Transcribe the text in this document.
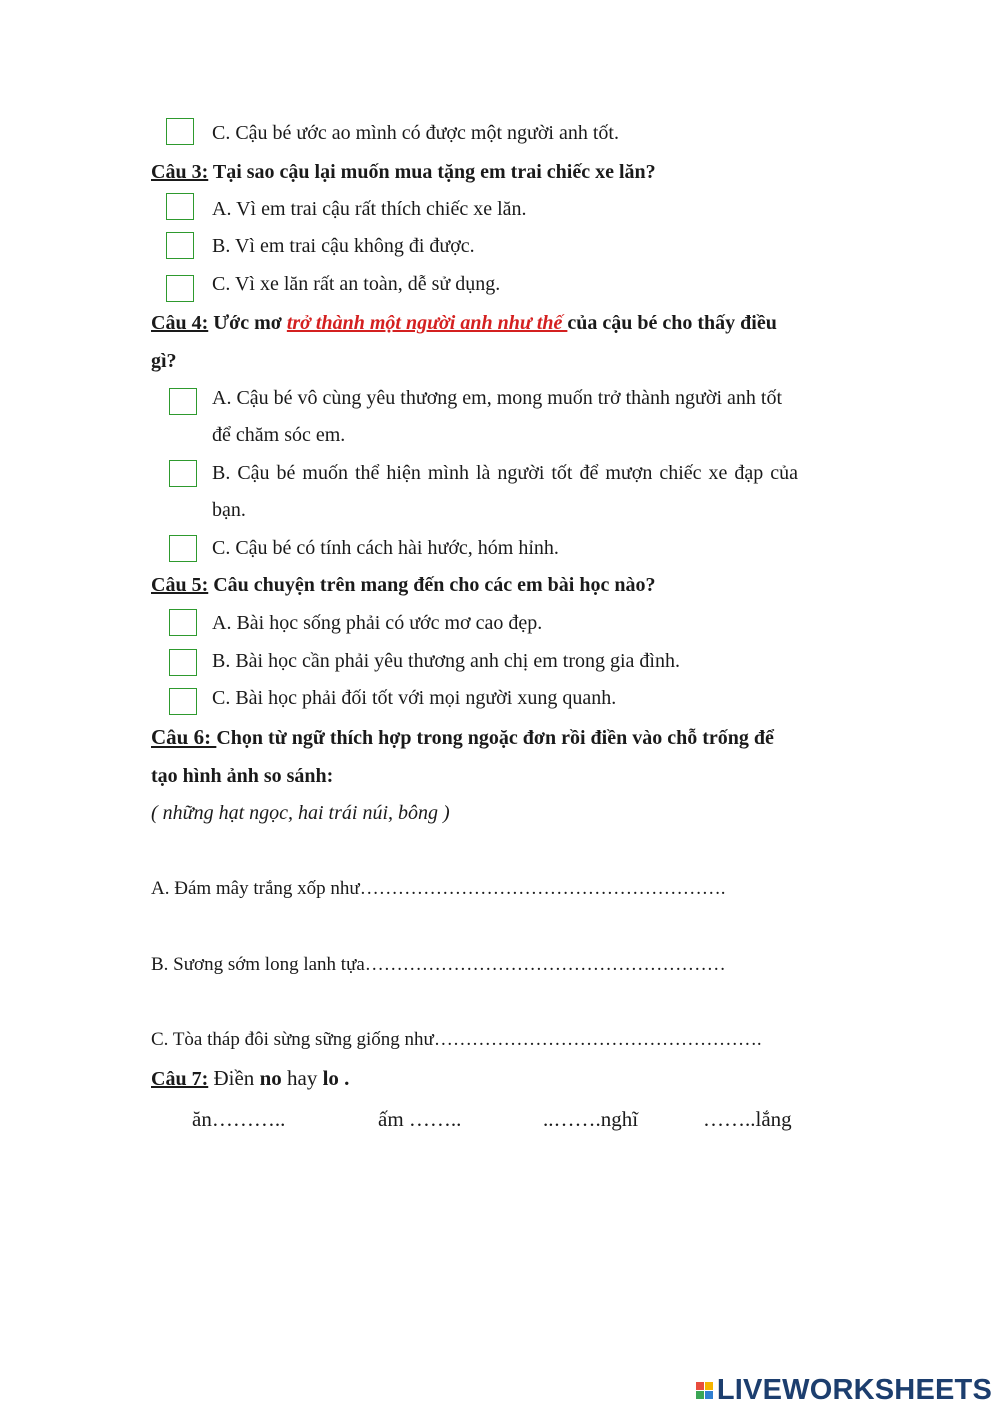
C. Cậu bé ước ao mình có được một người anh tốt.
Câu 3: Tại sao cậu lại muốn mua tặng em trai chiếc xe lăn?
A. Vì em trai cậu rất thích chiếc xe lăn.
B. Vì em trai cậu không đi được.
C. Vì xe lăn rất an toàn, dễ sử dụng.
Câu 4: Ước mơ trở thành một người anh như thế của cậu bé cho thấy điều
gì?
A. Cậu bé vô cùng yêu thương em, mong muốn trở thành người anh tốt
để chăm sóc em.
B. Cậu bé muốn thể hiện mình là người tốt để mượn chiếc xe đạp của
bạn.
C. Cậu bé có tính cách hài hước, hóm hỉnh.
Câu 5: Câu chuyện trên mang đến cho các em bài học nào?
A. Bài học sống phải có ước mơ cao đẹp.
B. Bài học cần phải yêu thương anh chị em trong gia đình.
C. Bài học phải đối tốt với mọi người xung quanh.
Câu 6: Chọn từ ngữ thích hợp trong ngoặc đơn rồi điền vào chỗ trống để
tạo hình ảnh so sánh:
( những hạt ngọc, hai trái núi, bông )
A. Đám mây trắng xốp như………………………………………………….
B. Sương sớm long lanh tựa…………………………………………………
C. Tòa tháp đôi sừng sững giống như…………………………………………….
Câu 7: Điền no hay lo .
ăn………..	ấm ……..	..…….nghĩ	……..lắng
LIVEWORKSHEETS
